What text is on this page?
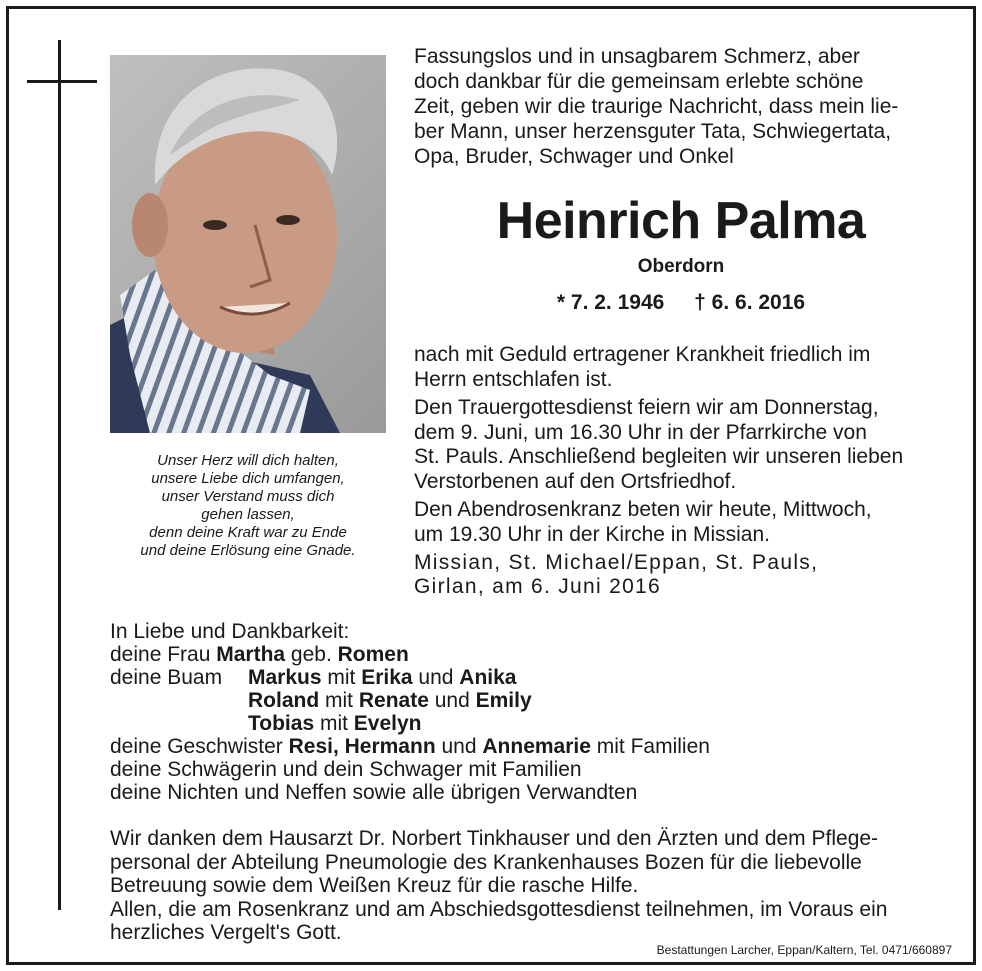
Unser Herz will dich halten,
unsere Liebe dich umfangen,
unser Verstand muss dich
gehen lassen,
denn deine Kraft war zu Ende
und deine Erlösung eine Gnade.
Fassungslos und in unsagbarem Schmerz, aber
doch dankbar für die gemeinsam erlebte schöne
Zeit, geben wir die traurige Nachricht, dass mein lie-
ber Mann, unser herzensguter Tata, Schwiegertata,
Opa, Bruder, Schwager und Onkel
Heinrich Palma
Oberdorn
* 7. 2. 1946 † 6. 6. 2016
nach mit Geduld ertragener Krankheit friedlich im
Herrn entschlafen ist.
Den Trauergottesdienst feiern wir am Donnerstag,
dem 9. Juni, um 16.30 Uhr in der Pfarrkirche von
St. Pauls. Anschließend begleiten wir unseren lieben
Verstorbenen auf den Ortsfriedhof.
Den Abendrosenkranz beten wir heute, Mittwoch,
um 19.30 Uhr in der Kirche in Missian.
Missian, St. Michael/Eppan, St. Pauls,
Girlan, am 6. Juni 2016
In Liebe und Dankbarkeit:
deine Frau Martha geb. Romen
deine Buam Markus mit Erika und Anika
Roland mit Renate und Emily
Tobias mit Evelyn
deine Geschwister Resi, Hermann und Annemarie mit Familien
deine Schwägerin und dein Schwager mit Familien
deine Nichten und Neffen sowie alle übrigen Verwandten
Wir danken dem Hausarzt Dr. Norbert Tinkhauser und den Ärzten und dem Pflege-
personal der Abteilung Pneumologie des Krankenhauses Bozen für die liebevolle
Betreuung sowie dem Weißen Kreuz für die rasche Hilfe.
Allen, die am Rosenkranz und am Abschiedsgottesdienst teilnehmen, im Voraus ein
herzliches Vergelt's Gott.
Bestattungen Larcher, Eppan/Kaltern, Tel. 0471/660897
